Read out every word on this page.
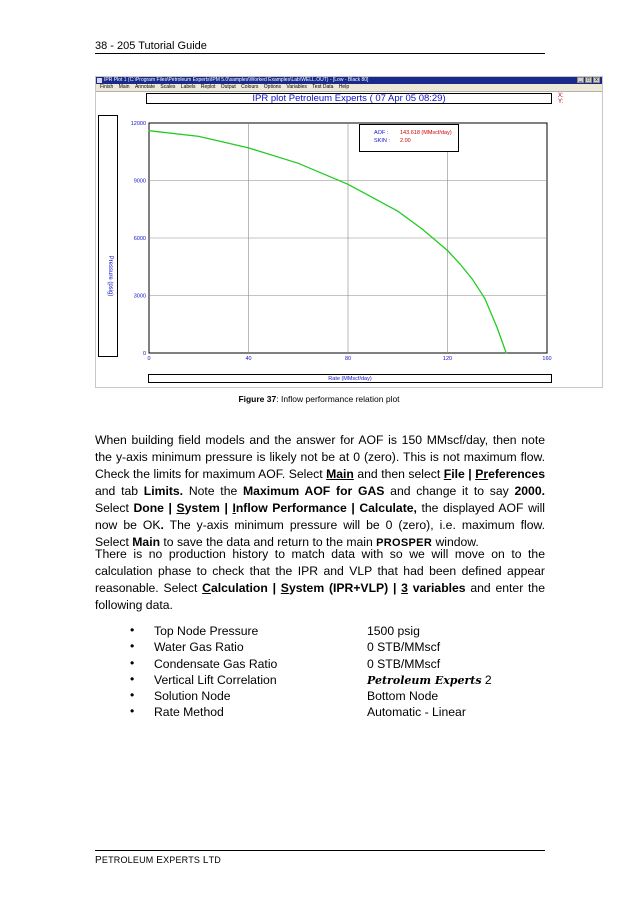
38 - 205 Tutorial Guide
IPR Plot 1 (C:\Program Files\Petroleum Experts\IPM 5.0\samples\Worked Examples\Lab\WELL.OUT) - [Low - Black 80]	_	□	x
Finish Main Annotate Scales Labels Replot Output Colours Options Variables Test Data Help
IPR plot Petroleum Experts ( 07 Apr 05 08:29)	X:
Y:
Pressure (psig)
0	40	80	120	160
0
3000
6000
9000
12000
AOF : 143.618 (MMscf/day)
SKIN : 2.00
Rate (MMscf/day)
Figure 37: Inflow performance relation plot
When building field models and the answer for AOF is 150 MMscf/day, then note the y-axis minimum pressure is likely not be at 0 (zero). This is not maximum flow. Check the limits for maximum AOF. Select Main and then select File | Preferences and tab Limits. Note the Maximum AOF for GAS and change it to say 2000. Select Done | System | Inflow Performance | Calculate, the displayed AOF will now be OK. The y-axis minimum pressure will be 0 (zero), i.e. maximum flow. Select Main to save the data and return to the main PROSPER window.
There is no production history to match data with so we will move on to the calculation phase to check that the IPR and VLP that had been defined appear reasonable. Select Calculation | System (IPR+VLP) | 3 variables and enter the following data.
• Top Node Pressure	1500 psig
• Water Gas Ratio	0 STB/MMscf
• Condensate Gas Ratio	0 STB/MMscf
• Vertical Lift Correlation	Petroleum Experts 2
• Solution Node	Bottom Node
• Rate Method	Automatic - Linear
PETROLEUM EXPERTS LTD
